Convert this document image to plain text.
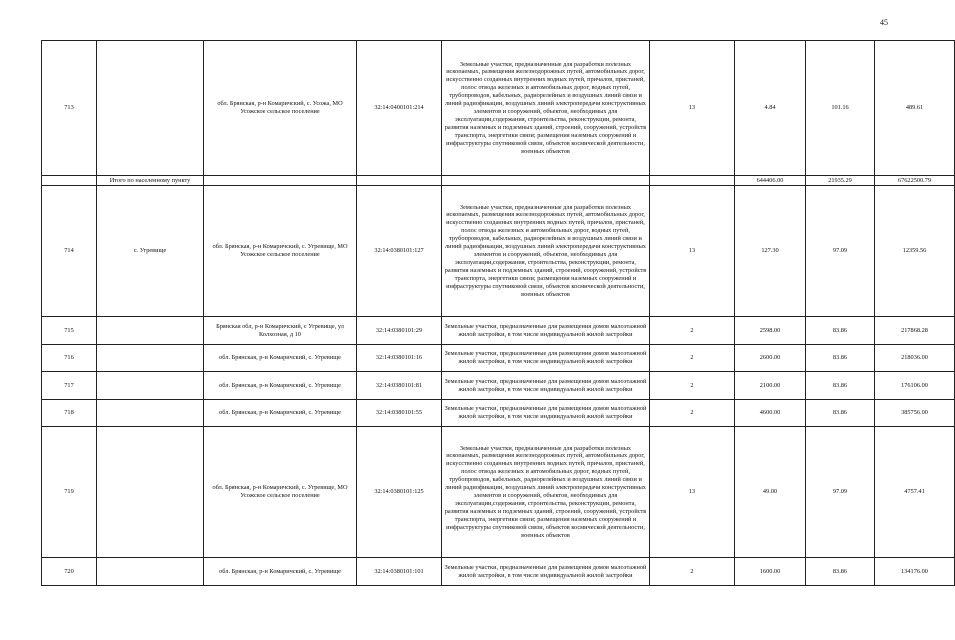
45
713		обл. Брянская, р-н Комаричский, с. Усожа, МО Усожское сельское поселение	32:14:0400101:214	Земельные участки, предназначенные для разработки полезных ископаемых, размещения железнодорожных путей, автомобильных дорог, искусственно созданных внутренних водных путей, причалов, пристаней, полос отвода железных и автомобильных дорог, водных путей, трубопроводов, кабельных, радиорелейных и воздушных линий связи и линий радиофикации, воздушных линий электропередачи конструктивных элементов и сооружений, объектов, необходимых для эксплуатации,содержания, строительства, реконструкции, ремонта, развития наземных и подземных зданий, строений, сооружений, устройств транспорта, энергетики связи; размещения наземных сооружений и инфраструктуры спутниковой связи, объектов космической деятельности, военных объектов	13	4.84	101.16	489.61
	Итого по населенному пункту					644406.00	21935.29	67622500.79
714	с. Угревище	обл. Брянская, р-н Комаричский, с. Угревище, МО Усожское сельское поселение	32:14:0380101:127	Земельные участки, предназначенные для разработки полезных ископаемых, размещения железнодорожных путей, автомобильных дорог, искусственно созданных внутренних водных путей, причалов, пристаней, полос отвода железных и автомобильных дорог, водных путей, трубопроводов, кабельных, радиорелейных и воздушных линий связи и линий радиофикации, воздушных линий электропередачи конструктивных элементов и сооружений, объектов, необходимых для эксплуатации,содержания, строительства, реконструкции, ремонта, развития наземных и подземных зданий, строений, сооружений, устройств транспорта, энергетики связи; размещения наземных сооружений и инфраструктуры спутниковой связи, объектов космической деятельности, военных объектов	13	127.30	97.09	12359.56
715		Брянская обл, р-н Комаричский, с Угревище, ул Колхозная, д 10	32:14:0380101:29	Земельные участки, предназначенные для размещения домов малоэтажной жилой застройки, в том числе индивидуальной жилой застройки	2	2598.00	83.86	217868.28
716		обл. Брянская, р-н Комаричский, с. Угревище	32:14:0380101:16	Земельные участки, предназначенные для размещения домов малоэтажной жилой застройки, в том числе индивидуальной жилой застройки	2	2600.00	83.86	218036.00
717		обл. Брянская, р-н Комаричский, с. Угревище	32:14:0380101:81	Земельные участки, предназначенные для размещения домов малоэтажной жилой застройки, в том числе индивидуальной жилой застройки	2	2100.00	83.86	176106.00
718		обл. Брянская, р-н Комаричский, с. Угревище	32:14:0380101:55	Земельные участки, предназначенные для размещения домов малоэтажной жилой застройки, в том числе индивидуальной жилой застройки	2	4600.00	83.86	385756.00
719		обл. Брянская, р-н Комаричский, с. Угревище, МО Усожское сельское поселение	32:14:0380101:125	Земельные участки, предназначенные для разработки полезных ископаемых, размещения железнодорожных путей, автомобильных дорог, искусственно созданных внутренних водных путей, причалов, пристаней, полос отвода железных и автомобильных дорог, водных путей, трубопроводов, кабельных, радиорелейных и воздушных линий связи и линий радиофикации, воздушных линий электропередачи конструктивных элементов и сооружений, объектов, необходимых для эксплуатации,содержания, строительства, реконструкции, ремонта, развития наземных и подземных зданий, строений, сооружений, устройств транспорта, энергетики связи; размещения наземных сооружений и инфраструктуры спутниковой связи, объектов космической деятельности, военных объектов	13	49.00	97.09	4757.41
720		обл. Брянская, р-н Комаричский, с. Угревище	32:14:0380101:101	Земельные участки, предназначенные для размещения домов малоэтажной жилой застройки, в том числе индивидуальной жилой застройки	2	1600.00	83.86	134176.00
